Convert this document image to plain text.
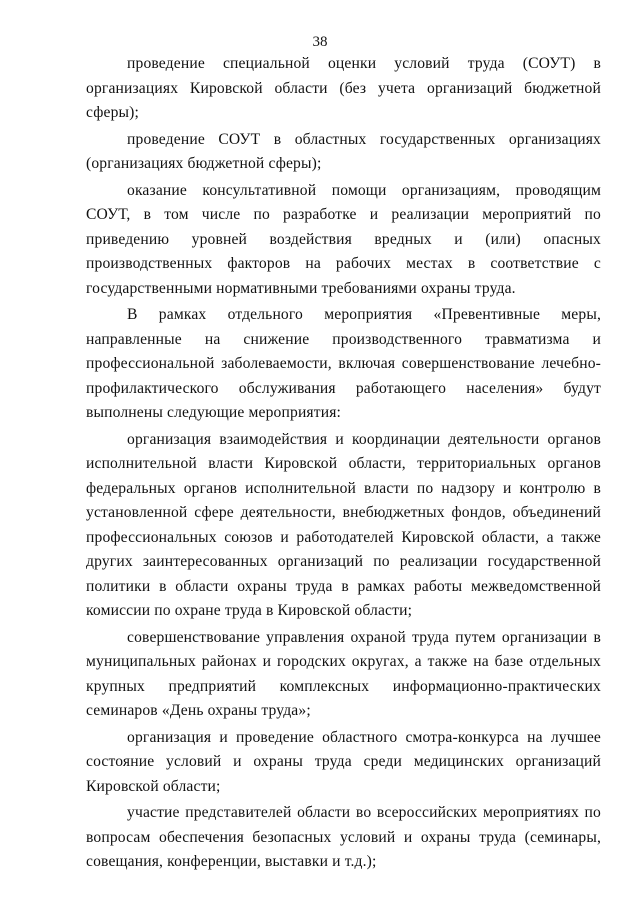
38

проведение специальной оценки условий труда (СОУТ) в организациях Кировской области (без учета организаций бюджетной сферы);

проведение СОУТ в областных государственных организациях (организациях бюджетной сферы);

оказание консультативной помощи организациям, проводящим СОУТ, в том числе по разработке и реализации мероприятий по приведению уровней воздействия вредных и (или) опасных производственных факторов на рабочих местах в соответствие с государственными нормативными требованиями охраны труда.

В рамках отдельного мероприятия «Превентивные меры, направленные на снижение производственного травматизма и профессиональной заболеваемости, включая совершенствование лечебно-профилактического обслуживания работающего населения» будут выполнены следующие мероприятия:

организация взаимодействия и координации деятельности органов исполнительной власти Кировской области, территориальных органов федеральных органов исполнительной власти по надзору и контролю в установленной сфере деятельности, внебюджетных фондов, объединений профессиональных союзов и работодателей Кировской области, а также других заинтересованных организаций по реализации государственной политики в области охраны труда в рамках работы межведомственной комиссии по охране труда в Кировской области;

совершенствование управления охраной труда путем организации в муниципальных районах и городских округах, а также на базе отдельных крупных предприятий комплексных информационно-практических семинаров «День охраны труда»;

организация и проведение областного смотра-конкурса на лучшее состояние условий и охраны труда среди медицинских организаций Кировской области;

участие представителей области во всероссийских мероприятиях по вопросам обеспечения безопасных условий и охраны труда (семинары, совещания, конференции, выставки и т.д.);
